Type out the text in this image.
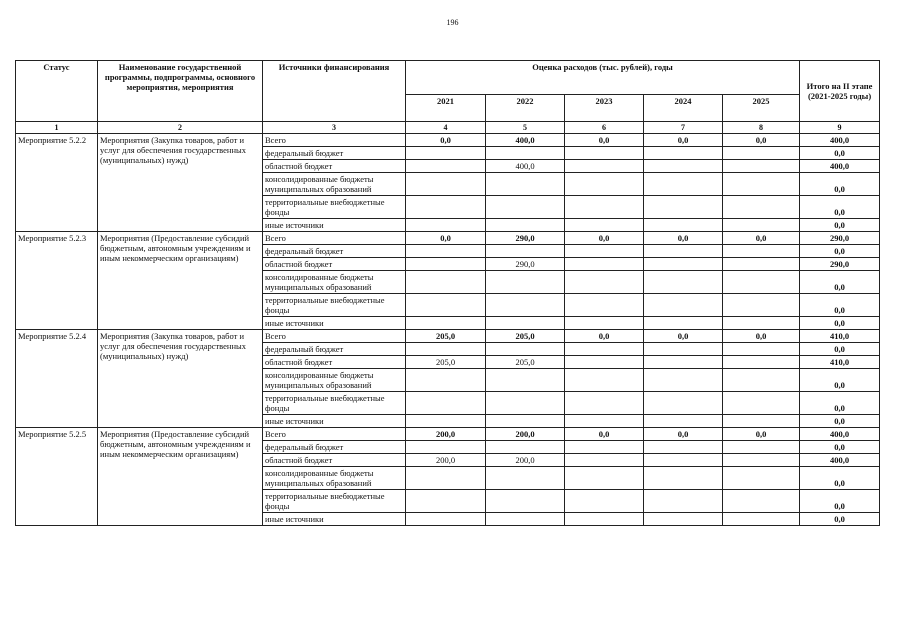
196
Статус	Наименование государственной программы, подпрограммы, основного мероприятия, мероприятия	Источники финансирования	Оценка расходов (тыс. рублей), годы					Итого на II этапе (2021-2025 годы)
			2021	2022	2023	2024	2025	
1	2	3	4	5	6	7	8	9
Мероприятие 5.2.2	Мероприятия (Закупка товаров, работ и услуг для обеспечения государственных (муниципальных) нужд)	Всего	0,0	400,0	0,0	0,0	0,0	400,0
		федеральный бюджет						0,0
		областной бюджет		400,0				400,0
		консолидированные бюджеты муниципальных образований						0,0
		территориальные внебюджетные фонды						0,0
		иные источники						0,0
Мероприятие 5.2.3	Мероприятия (Предоставление субсидий бюджетным, автономным учреждениям и иным некоммерческим организациям)	Всего	0,0	290,0	0,0	0,0	0,0	290,0
		федеральный бюджет						0,0
		областной бюджет		290,0				290,0
		консолидированные бюджеты муниципальных образований						0,0
		территориальные внебюджетные фонды						0,0
		иные источники						0,0
Мероприятие 5.2.4	Мероприятия (Закупка товаров, работ и услуг для обеспечения государственных (муниципальных) нужд)	Всего	205,0	205,0	0,0	0,0	0,0	410,0
		федеральный бюджет						0,0
		областной бюджет	205,0	205,0				410,0
		консолидированные бюджеты муниципальных образований						0,0
		территориальные внебюджетные фонды						0,0
		иные источники						0,0
Мероприятие 5.2.5	Мероприятия (Предоставление субсидий бюджетным, автономным учреждениям и иным некоммерческим организациям)	Всего	200,0	200,0	0,0	0,0	0,0	400,0
		федеральный бюджет						0,0
		областной бюджет	200,0	200,0				400,0
		консолидированные бюджеты муниципальных образований						0,0
		территориальные внебюджетные фонды						0,0
		иные источники						0,0
